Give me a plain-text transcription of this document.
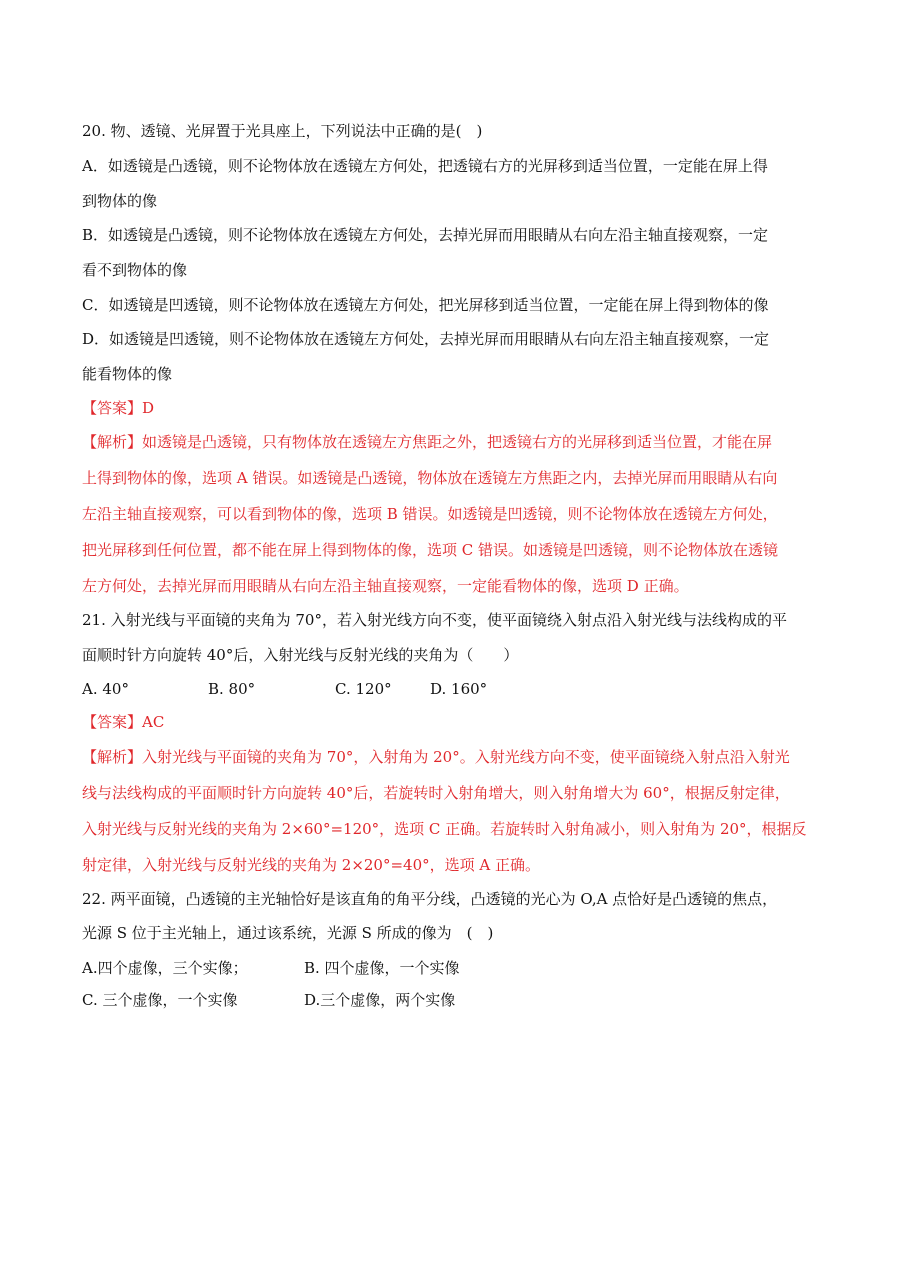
20. 物、透镜、光屏置于光具座上，下列说法中正确的是(　)
A．如透镜是凸透镜，则不论物体放在透镜左方何处，把透镜右方的光屏移到适当位置，一定能在屏上得
到物体的像
B．如透镜是凸透镜，则不论物体放在透镜左方何处，去掉光屏而用眼睛从右向左沿主轴直接观察，一定
看不到物体的像
C．如透镜是凹透镜，则不论物体放在透镜左方何处，把光屏移到适当位置，一定能在屏上得到物体的像
D．如透镜是凹透镜，则不论物体放在透镜左方何处，去掉光屏而用眼睛从右向左沿主轴直接观察，一定
能看物体的像
【答案】D
【解析】如透镜是凸透镜，只有物体放在透镜左方焦距之外，把透镜右方的光屏移到适当位置，才能在屏
上得到物体的像，选项 A 错误。如透镜是凸透镜，物体放在透镜左方焦距之内，去掉光屏而用眼睛从右向
左沿主轴直接观察，可以看到物体的像，选项 B 错误。如透镜是凹透镜，则不论物体放在透镜左方何处，
把光屏移到任何位置，都不能在屏上得到物体的像，选项 C 错误。如透镜是凹透镜，则不论物体放在透镜
左方何处，去掉光屏而用眼睛从右向左沿主轴直接观察，一定能看物体的像，选项 D 正确。
21. 入射光线与平面镜的夹角为 70°，若入射光线方向不变，使平面镜绕入射点沿入射光线与法线构成的平
面顺时针方向旋转 40°后，入射光线与反射光线的夹角为（　　）
A. 40°	B. 80°	C. 120°	D. 160°
【答案】AC
【解析】入射光线与平面镜的夹角为 70°，入射角为 20°。入射光线方向不变，使平面镜绕入射点沿入射光
线与法线构成的平面顺时针方向旋转 40°后，若旋转时入射角增大，则入射角增大为 60°，根据反射定律，
入射光线与反射光线的夹角为 2×60°=120°，选项 C 正确。若旋转时入射角减小，则入射角为 20°，根据反
射定律，入射光线与反射光线的夹角为 2×20°=40°，选项 A 正确。
22. 两平面镜，凸透镜的主光轴恰好是该直角的角平分线，凸透镜的光心为 O,A 点恰好是凸透镜的焦点，
光源 S 位于主光轴上，通过该系统，光源 S 所成的像为　(　)
A.四个虚像，三个实像；	B. 四个虚像，一个实像
C. 三个虚像，一个实像	D.三个虚像，两个实像
